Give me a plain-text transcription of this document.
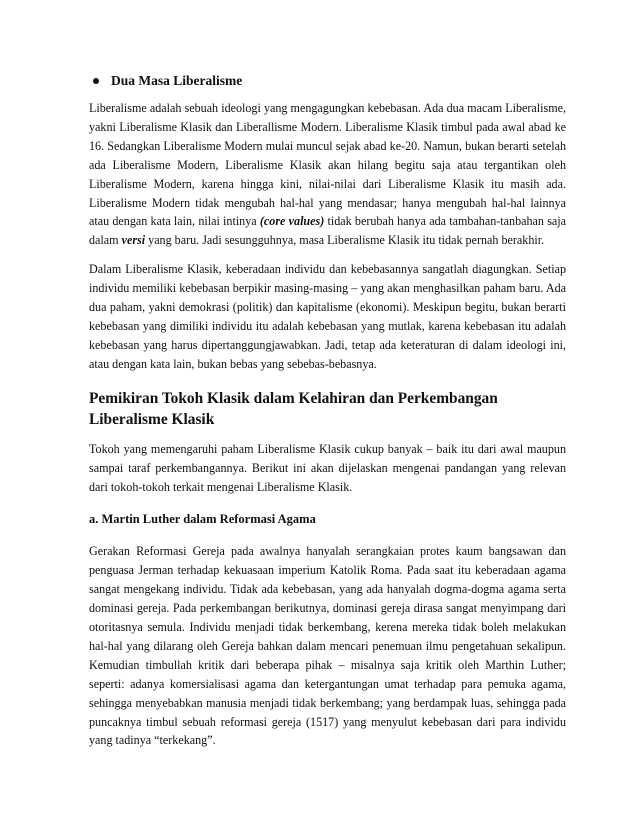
Dua Masa Liberalisme

Liberalisme adalah sebuah ideologi yang mengagungkan kebebasan. Ada dua macam Liberalisme, yakni Liberalisme Klasik dan Liberallisme Modern. Liberalisme Klasik timbul pada awal abad ke 16. Sedangkan Liberalisme Modern mulai muncul sejak abad ke-20. Namun, bukan berarti setelah ada Liberalisme Modern, Liberalisme Klasik akan hilang begitu saja atau tergantikan oleh Liberalisme Modern, karena hingga kini, nilai-nilai dari Liberalisme Klasik itu masih ada. Liberalisme Modern tidak mengubah hal-hal yang mendasar; hanya mengubah hal-hal lainnya atau dengan kata lain, nilai intinya (core values) tidak berubah hanya ada tambahan-tanbahan saja dalam versi yang baru. Jadi sesungguhnya, masa Liberalisme Klasik itu tidak pernah berakhir.

Dalam Liberalisme Klasik, keberadaan individu dan kebebasannya sangatlah diagungkan. Setiap individu memiliki kebebasan berpikir masing-masing – yang akan menghasilkan paham baru. Ada dua paham, yakni demokrasi (politik) dan kapitalisme (ekonomi). Meskipun begitu, bukan berarti kebebasan yang dimiliki individu itu adalah kebebasan yang mutlak, karena kebebasan itu adalah kebebasan yang harus dipertanggungjawabkan. Jadi, tetap ada keteraturan di dalam ideologi ini, atau dengan kata lain, bukan bebas yang sebebas-bebasnya.

Pemikiran Tokoh Klasik dalam Kelahiran dan Perkembangan Liberalisme Klasik

Tokoh yang memengaruhi paham Liberalisme Klasik cukup banyak – baik itu dari awal maupun sampai taraf perkembangannya. Berikut ini akan dijelaskan mengenai pandangan yang relevan dari tokoh-tokoh terkait mengenai Liberalisme Klasik.

a. Martin Luther dalam Reformasi Agama

Gerakan Reformasi Gereja pada awalnya hanyalah serangkaian protes kaum bangsawan dan penguasa Jerman terhadap kekuasaan imperium Katolik Roma. Pada saat itu keberadaan agama sangat mengekang individu. Tidak ada kebebasan, yang ada hanyalah dogma-dogma agama serta dominasi gereja. Pada perkembangan berikutnya, dominasi gereja dirasa sangat menyimpang dari otoritasnya semula. Individu menjadi tidak berkembang, kerena mereka tidak boleh melakukan hal-hal yang dilarang oleh Gereja bahkan dalam mencari penemuan ilmu pengetahuan sekalipun. Kemudian timbullah kritik dari beberapa pihak – misalnya saja kritik oleh Marthin Luther; seperti: adanya komersialisasi agama dan ketergantungan umat terhadap para pemuka agama, sehingga menyebabkan manusia menjadi tidak berkembang; yang berdampak luas, sehingga pada puncaknya timbul sebuah reformasi gereja (1517) yang menyulut kebebasan dari para individu yang tadinya “terkekang”.
